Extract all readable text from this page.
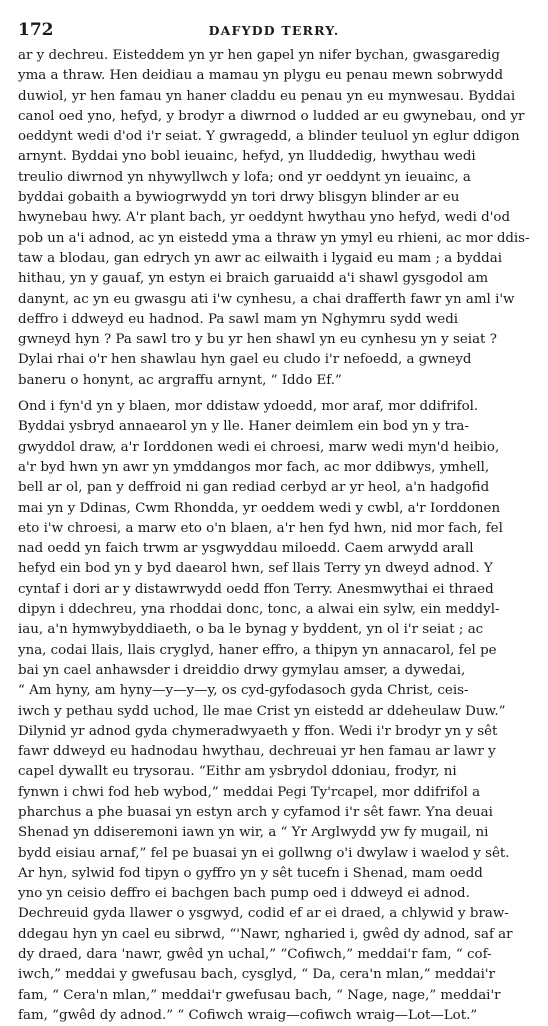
172	DAFYDD TERRY.
ar y dechreu. Eisteddem yn yr hen gapel yn nifer bychan, gwasgaredig
yma a thraw. Hen deidiau a mamau yn plygu eu penau mewn sobrwydd
duwiol, yr hen famau yn haner claddu eu penau yn eu mynwesau. Byddai
canol oed yno, hefyd, y brodyr a diwrnod o ludded ar eu gwynebau, ond yr
oeddynt wedi d'od i'r seiat. Y gwragedd, a blinder teuluol yn eglur ddigon
arnynt. Byddai yno bobl ieuainc, hefyd, yn lluddedig, hwythau wedi
treulio diwrnod yn nhywyllwch y lofa; ond yr oeddynt yn ieuainc, a
byddai gobaith a bywiogrwydd yn tori drwy blisgyn blinder ar eu
hwynebau hwy. A'r plant bach, yr oeddynt hwythau yno hefyd, wedi d'od
pob un a'i adnod, ac yn eistedd yma a thraw yn ymyl eu rhieni, ac mor ddis-
taw a blodau, gan edrych yn awr ac eilwaith i lygaid eu mam ; a byddai
hithau, yn y gauaf, yn estyn ei braich garuaidd a'i shawl gysgodol am
danynt, ac yn eu gwasgu ati i'w cynhesu, a chai drafferth fawr yn aml i'w
deffro i ddweyd eu hadnod. Pa sawl mam yn Nghymru sydd wedi
gwneyd hyn ? Pa sawl tro y bu yr hen shawl yn eu cynhesu yn y seiat ?
Dylai rhai o'r hen shawlau hyn gael eu cludo i'r nefoedd, a gwneyd
baneru o honynt, ac argraffu arnynt, “ Iddo Ef.”
Ond i fyn'd yn y blaen, mor ddistaw ydoedd, mor araf, mor ddifrifol.
Byddai ysbryd annaearol yn y lle. Haner deimlem ein bod yn y tra-
gwyddol draw, a'r Iorddonen wedi ei chroesi, marw wedi myn'd heibio,
a'r byd hwn yn awr yn ymddangos mor fach, ac mor ddibwys, ymhell,
bell ar ol, pan y deffroid ni gan rediad cerbyd ar yr heol, a'n hadgofid
mai yn y Ddinas, Cwm Rhondda, yr oeddem wedi y cwbl, a'r Iorddonen
eto i'w chroesi, a marw eto o'n blaen, a'r hen fyd hwn, nid mor fach, fel
nad oedd yn faich trwm ar ysgwyddau miloedd. Caem arwydd arall
hefyd ein bod yn y byd daearol hwn, sef llais Terry yn dweyd adnod. Y
cyntaf i dori ar y distawrwydd oedd ffon Terry. Anesmwythai ei thraed
dipyn i ddechreu, yna rhoddai donc, tonc, a alwai ein sylw, ein meddyl-
iau, a'n hymwybyddiaeth, o ba le bynag y byddent, yn ol i'r seiat ; ac
yna, codai llais, llais cryglyd, haner effro, a thipyn yn annacarol, fel pe
bai yn cael anhawsder i dreiddio drwy gymylau amser, a dywedai,
“ Am hyny, am hyny—y—y—y, os cyd-gyfodasoch gyda Christ, ceis-
iwch y pethau sydd uchod, lle mae Crist yn eistedd ar ddeheulaw Duw.”
Dilynid yr adnod gyda chymeradwyaeth y ffon. Wedi i'r brodyr yn y sêt
fawr ddweyd eu hadnodau hwythau, dechreuai yr hen famau ar lawr y
capel dywallt eu trysorau. “Eithr am ysbrydol ddoniau, frodyr, ni
fynwn i chwi fod heb wybod,” meddai Pegi Ty'rcapel, mor ddifrifol a
pharchus a phe buasai yn estyn arch y cyfamod i'r sêt fawr. Yna deuai
Shenad yn ddiseremoni iawn yn wir, a “ Yr Arglwydd yw fy mugail, ni
bydd eisiau arnaf,” fel pe buasai yn ei gollwng o'i dwylaw i waelod y sêt.
Ar hyn, sylwid fod tipyn o gyffro yn y sêt tucefn i Shenad, mam oedd
yno yn ceisio deffro ei bachgen bach pump oed i ddweyd ei adnod.
Dechreuid gyda llawer o ysgwyd, codid ef ar ei draed, a chlywid y braw-
ddegau hyn yn cael eu sibrwd, “'Nawr, ngharied i, gwêd dy adnod, saf ar
dy draed, dara 'nawr, gwêd yn uchal,” “Cofiwch,” meddai'r fam, “ cof-
iwch,” meddai y gwefusau bach, cysglyd, “ Da, cera'n mlan,” meddai'r
fam, “ Cera'n mlan,” meddai'r gwefusau bach, “ Nage, nage,” meddai'r
fam, “gwêd dy adnod.” “ Cofiwch wraig—cofiwch wraig—Lot—Lot.”
